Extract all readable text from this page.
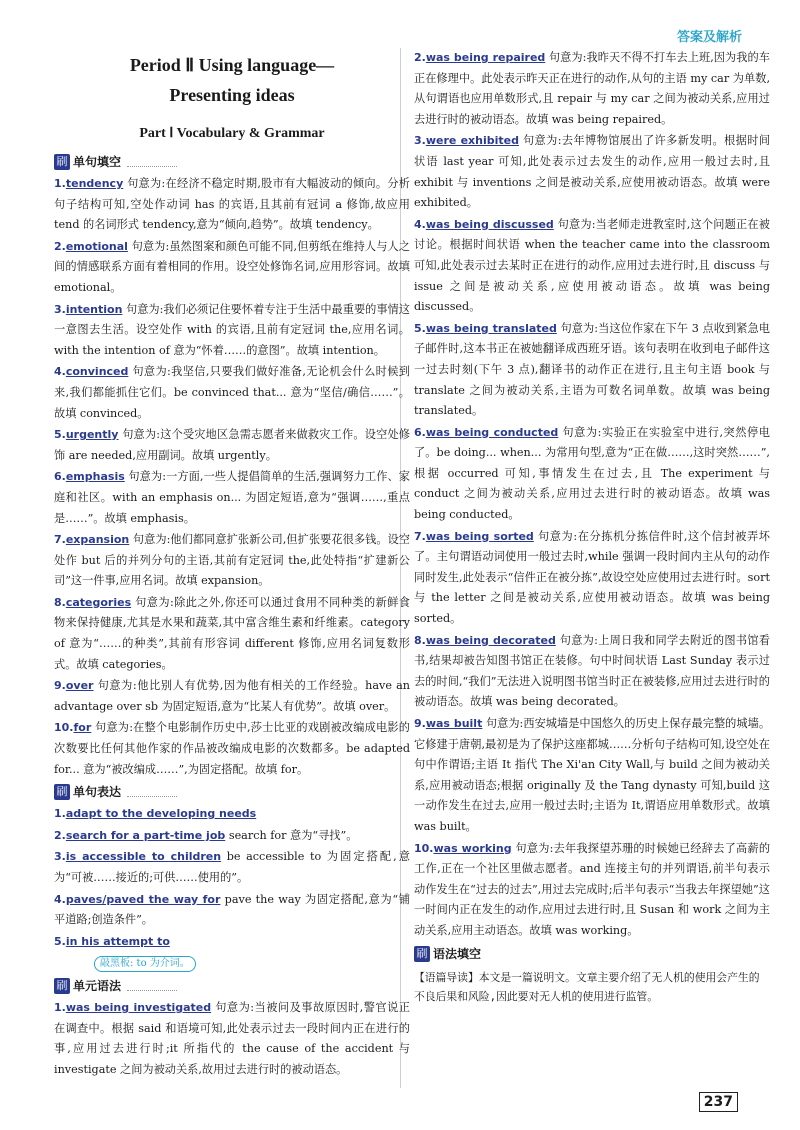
答案及解析
Period Ⅱ Using language—
Presenting ideas
Part Ⅰ Vocabulary & Grammar
刷 单句填空
1.tendency 句意为:在经济不稳定时期,股市有大幅波动的倾向。分析句子结构可知,空处作动词 has 的宾语,且其前有冠词 a 修饰,故应用 tend 的名词形式 tendency,意为“倾向,趋势”。故填 tendency。
2.emotional 句意为:虽然图案和颜色可能不同,但剪纸在维持人与人之间的情感联系方面有着相同的作用。设空处修饰名词,应用形容词。故填 emotional。
3.intention 句意为:我们必须记住要怀着专注于生活中最重要的事情这一意图去生活。设空处作 with 的宾语,且前有定冠词 the,应用名词。with the intention of 意为“怀着……的意图”。故填 intention。
4.convinced 句意为:我坚信,只要我们做好准备,无论机会什么时候到来,我们都能抓住它们。be convinced that... 意为“坚信/确信……”。故填 convinced。
5.urgently 句意为:这个受灾地区急需志愿者来做救灾工作。设空处修饰 are needed,应用副词。故填 urgently。
6.emphasis 句意为:一方面,一些人提倡简单的生活,强调努力工作、家庭和社区。with an emphasis on... 为固定短语,意为“强调……,重点是……”。故填 emphasis。
7.expansion 句意为:他们都同意扩张新公司,但扩张要花很多钱。设空处作 but 后的并列分句的主语,其前有定冠词 the,此处特指“扩建新公司”这一件事,应用名词。故填 expansion。
8.categories 句意为:除此之外,你还可以通过食用不同种类的新鲜食物来保持健康,尤其是水果和蔬菜,其中富含维生素和纤维素。category of 意为“……的种类”,其前有形容词 different 修饰,应用名词复数形式。故填 categories。
9.over 句意为:他比别人有优势,因为他有相关的工作经验。have an advantage over sb 为固定短语,意为“比某人有优势”。故填 over。
10.for 句意为:在整个电影制作历史中,莎士比亚的戏剧被改编成电影的次数要比任何其他作家的作品被改编成电影的次数都多。be adapted for... 意为“被改编成……”,为固定搭配。故填 for。
刷 单句表达
1.adapt to the developing needs
2.search for a part-time job search for 意为“寻找”。
3.is accessible to children be accessible to 为固定搭配,意为“可被……接近的;可供……使用的”。
4.paves/paved the way for pave the way 为固定搭配,意为“铺平道路;创造条件”。
5.in his attempt to
敲黑板: to 为介词。
刷 单元语法
1.was being investigated 句意为:当被问及事故原因时,警官说正在调查中。根据 said 和语境可知,此处表示过去一段时间内正在进行的事,应用过去进行时;it 所指代的 the cause of the accident 与 investigate 之间为被动关系,故用过去进行时的被动语态。
2.was being repaired 句意为:我昨天不得不打车去上班,因为我的车正在修理中。此处表示昨天正在进行的动作,从句的主语 my car 为单数,从句谓语也应用单数形式,且 repair 与 my car 之间为被动关系,应用过去进行时的被动语态。故填 was being repaired。
3.were exhibited 句意为:去年博物馆展出了许多新发明。根据时间状语 last year 可知,此处表示过去发生的动作,应用一般过去时,且 exhibit 与 inventions 之间是被动关系,应使用被动语态。故填 were exhibited。
4.was being discussed 句意为:当老师走进教室时,这个问题正在被讨论。根据时间状语 when the teacher came into the classroom 可知,此处表示过去某时正在进行的动作,应用过去进行时,且 discuss 与 issue 之间是被动关系,应使用被动语态。故填 was being discussed。
5.was being translated 句意为:当这位作家在下午 3 点收到紧急电子邮件时,这本书正在被她翻译成西班牙语。该句表明在收到电子邮件这一过去时刻(下午 3 点),翻译书的动作正在进行,且主句主语 book 与 translate 之间为被动关系,主语为可数名词单数。故填 was being translated。
6.was being conducted 句意为:实验正在实验室中进行,突然停电了。be doing... when... 为常用句型,意为“正在做……,这时突然……”,根据 occurred 可知,事情发生在过去,且 The experiment 与 conduct 之间为被动关系,应用过去进行时的被动语态。故填 was being conducted。
7.was being sorted 句意为:在分拣机分拣信件时,这个信封被弄坏了。主句谓语动词使用一般过去时,while 强调一段时间内主从句的动作同时发生,此处表示“信件正在被分拣”,故设空处应使用过去进行时。sort 与 the letter 之间是被动关系,应使用被动语态。故填 was being sorted。
8.was being decorated 句意为:上周日我和同学去附近的图书馆看书,结果却被告知图书馆正在装修。句中时间状语 Last Sunday 表示过去的时间,“我们”无法进入说明图书馆当时正在被装修,应用过去进行时的被动语态。故填 was being decorated。
9.was built 句意为:西安城墙是中国悠久的历史上保存最完整的城墙。它修建于唐朝,最初是为了保护这座都城……分析句子结构可知,设空处在句中作谓语;主语 It 指代 The Xi'an City Wall,与 build 之间为被动关系,应用被动语态;根据 originally 及 the Tang dynasty 可知,build 这一动作发生在过去,应用一般过去时;主语为 It,谓语应用单数形式。故填 was built。
10.was working 句意为:去年我探望苏珊的时候她已经辞去了高薪的工作,正在一个社区里做志愿者。and 连接主句的并列谓语,前半句表示动作发生在“过去的过去”,用过去完成时;后半句表示“当我去年探望她”这一时间内正在发生的动作,应用过去进行时,且 Susan 和 work 之间为主动关系,应用主动语态。故填 was working。
刷 语法填空
【语篇导读】本文是一篇说明文。文章主要介绍了无人机的使用会产生的不良后果和风险,因此要对无人机的使用进行监管。
237
